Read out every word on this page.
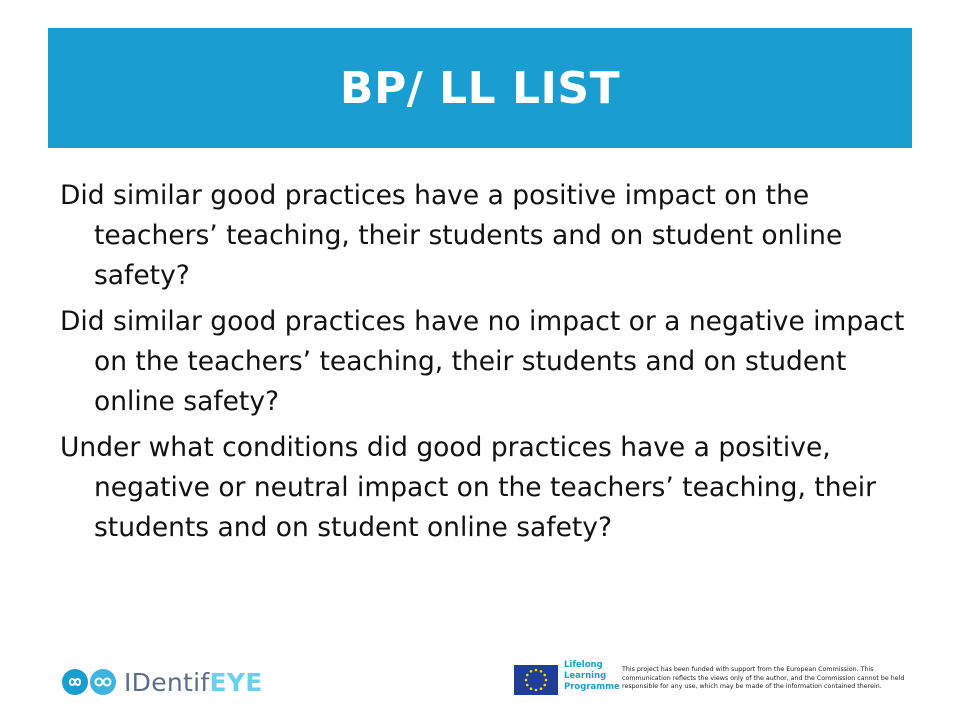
BP/ LL LIST

Did similar good practices have a positive impact on the teachers’ teaching, their students and on student online safety?

Did similar good practices have no impact or a negative impact on the teachers’ teaching, their students and on student online safety?

Under what conditions did good practices have a positive, negative or neutral impact on the teachers’ teaching, their students and on student online safety?

IDentifEYE
Lifelong
Learning
Programme
This project has been funded with support from the European Commission. This communication reflects the views only of the author, and the Commission cannot be held responsible for any use, which may be made of the information contained therein.
